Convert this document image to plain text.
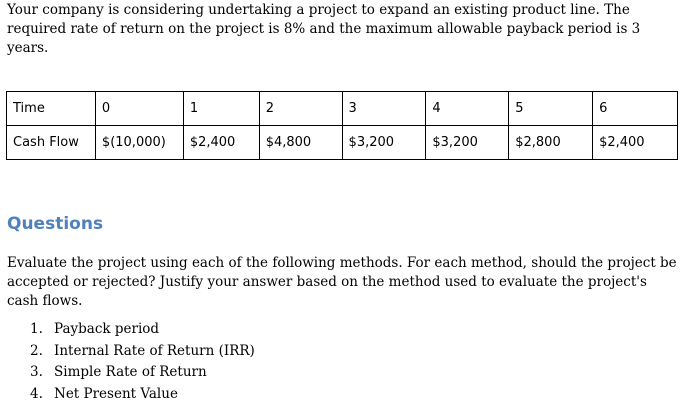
Your company is considering undertaking a project to expand an existing product line. The required rate of return on the project is 8% and the maximum allowable payback period is 3 years.

Time	0	1	2	3	4	5	6
Cash Flow	$(10,000)	$2,400	$4,800	$3,200	$3,200	$2,800	$2,400
Questions

Evaluate the project using each of the following methods. For each method, should the project be accepted or rejected? Justify your answer based on the method used to evaluate the project's cash flows.

1. Payback period
2. Internal Rate of Return (IRR)
3. Simple Rate of Return
4. Net Present Value
